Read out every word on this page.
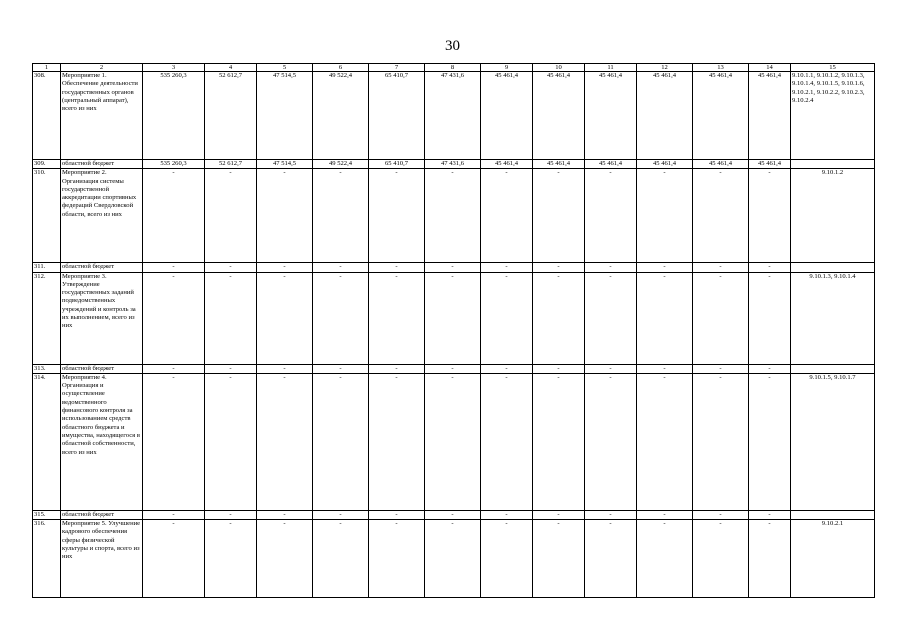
30
1	2	3	4	5	6	7	8	9	10	11	12	13	14	15
308.	Мероприятие 1. Обеспечение деятельности государственных органов (центральный аппарат), всего из них	535 260,3	52 612,7	47 514,5	49 522,4	65 410,7	47 431,6	45 461,4	45 461,4	45 461,4	45 461,4	45 461,4	45 461,4	9.10.1.1, 9.10.1.2, 9.10.1.3, 9.10.1.4, 9.10.1.5, 9.10.1.6, 9.10.2.1, 9.10.2.2, 9.10.2.3, 9.10.2.4
309.	областной бюджет	535 260,3	52 612,7	47 514,5	49 522,4	65 410,7	47 431,6	45 461,4	45 461,4	45 461,4	45 461,4	45 461,4	45 461,4	
310.	Мероприятие 2. Организация системы государственной аккредитации спортивных федераций Свердловской области, всего из них	-	-	-	-	-	-	-	-	-	-	-	-	9.10.1.2
311.	областной бюджет	-	-	-	-	-	-	-	-	-	-	-	-	
312.	Мероприятие 3. Утверждение государственных заданий подведомственных учреждений и контроль за их выполнением, всего из них	-	-	-	-	-	-	-	-	-	-	-	-	9.10.1.3, 9.10.1.4
313.	областной бюджет	-	-	-	-	-	-	-	-	-	-	-	-	
314.	Мероприятие 4. Организация и осуществление ведомственного финансового контроля за использованием средств областного бюджета и имущества, находящегося в областной собственности, всего из них	-	-	-	-	-	-	-	-	-	-	-	-	9.10.1.5, 9.10.1.7
315.	областной бюджет	-	-	-	-	-	-	-	-	-	-	-	-	
316.	Мероприятие 5. Улучшение кадрового обеспечения сферы физической культуры и спорта, всего из них	-	-	-	-	-	-	-	-	-	-	-	-	9.10.2.1
